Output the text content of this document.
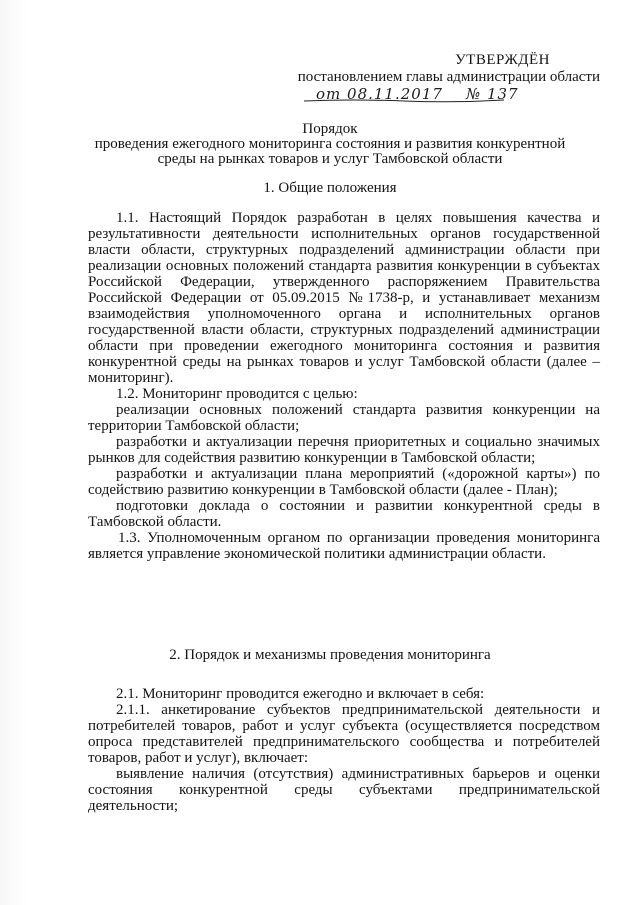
УТВЕРЖДЁН
постановлением главы администрации области
от 08.11.2017 № 137
Порядок
проведения ежегодного мониторинга состояния и развития конкурентной
среды на рынках товаров и услуг Тамбовской области
1. Общие положения

1.1. Настоящий Порядок разработан в целях повышения качества и результативности деятельности исполнительных органов государственной власти области, структурных подразделений администрации области при реализации основных положений стандарта развития конкуренции в субъектах Российской Федерации, утвержденного распоряжением Правительства Российской Федерации от 05.09.2015 №1738-р, и устанавливает механизм взаимодействия уполномоченного органа и исполнительных органов государственной власти области, структурных подразделений администрации области при проведении ежегодного мониторинга состояния и развития конкурентной среды на рынках товаров и услуг Тамбовской области (далее – мониторинг).

1.2. Мониторинг проводится с целью:

реализации основных положений стандарта развития конкуренции на территории Тамбовской области;

разработки и актуализации перечня приоритетных и социально значимых рынков для содействия развитию конкуренции в Тамбовской области;

разработки и актуализации плана мероприятий («дорожной карты») по содействию развитию конкуренции в Тамбовской области (далее - План);

подготовки доклада о состоянии и развитии конкурентной среды в Тамбовской области.

1.3. Уполномоченным органом по организации проведения мониторинга является управление экономической политики администрации области.

2. Порядок и механизмы проведения мониторинга

2.1. Мониторинг проводится ежегодно и включает в себя:

2.1.1. анкетирование субъектов предпринимательской деятельности и потребителей товаров, работ и услуг субъекта (осуществляется посредством опроса представителей предпринимательского сообщества и потребителей товаров, работ и услуг), включает:

выявление наличия (отсутствия) административных барьеров и оценки состояния конкурентной среды субъектами предпринимательской деятельности;
